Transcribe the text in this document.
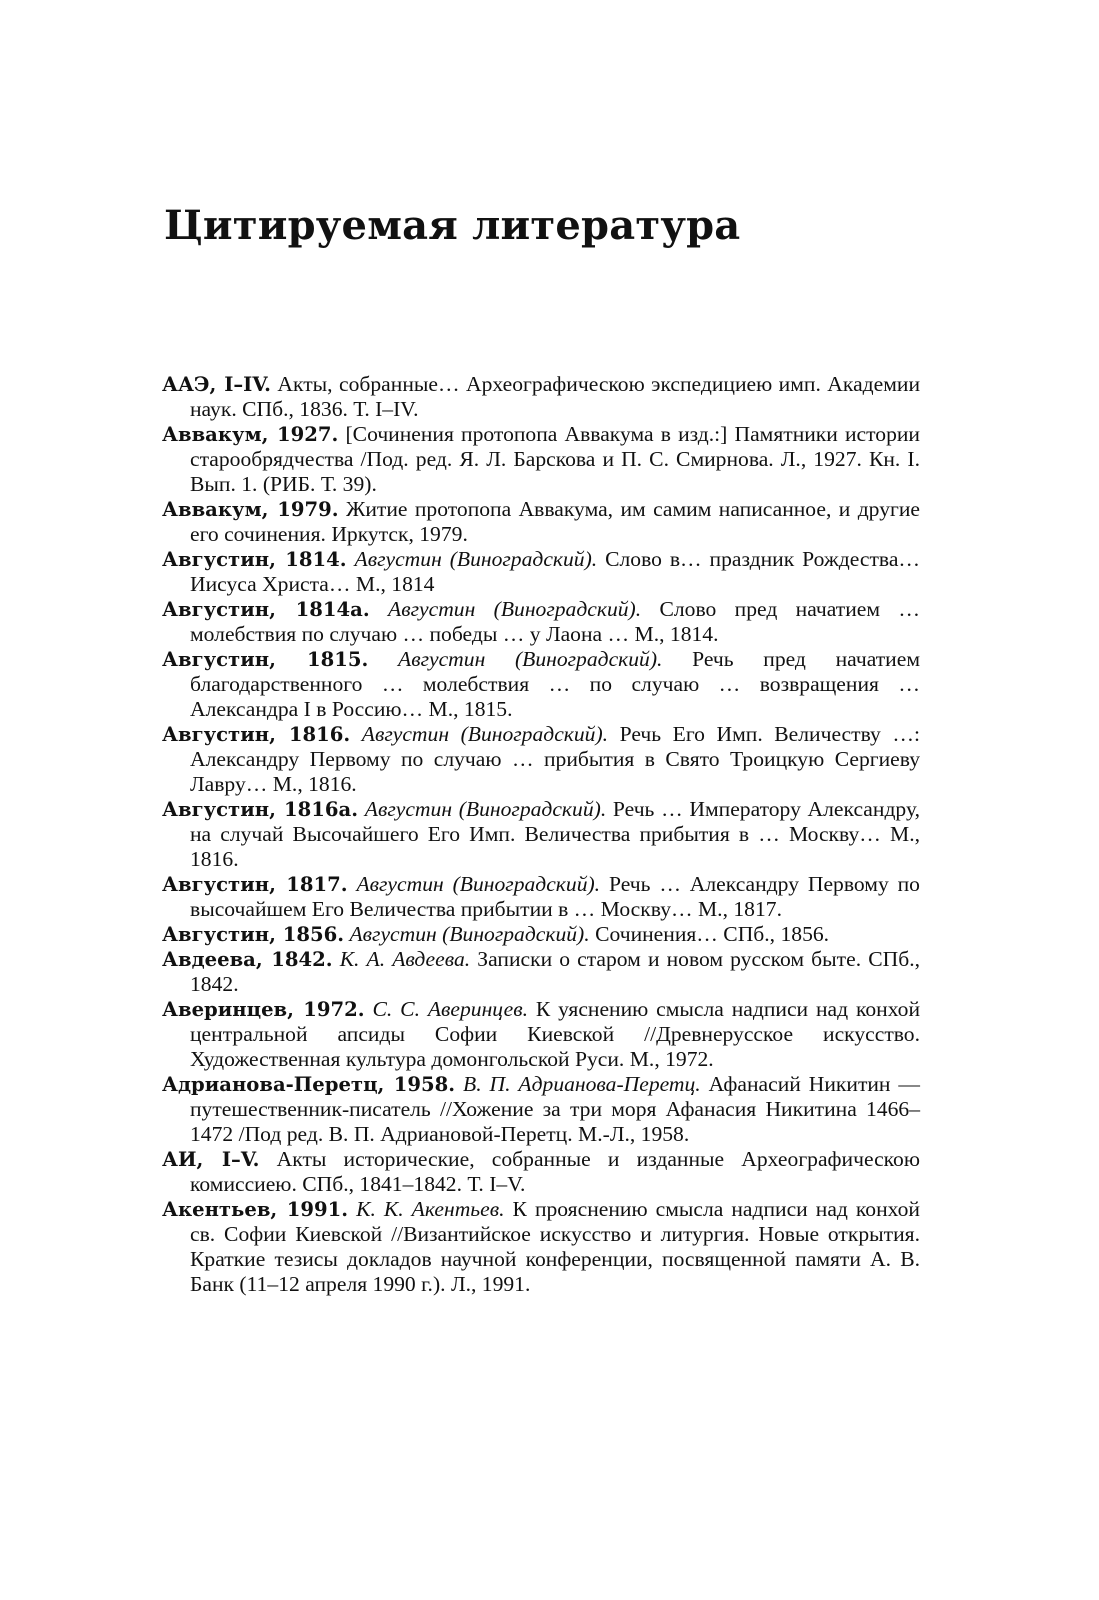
Цитируемая литература
ААЭ, I–IV. Акты, собранные… Археографическою экспедициею имп. Академии наук. СПб., 1836. Т. I–IV.
Аввакум, 1927. [Сочинения протопопа Аввакума в изд.:] Памятники истории старообрядчества /Под. ред. Я. Л. Барскова и П. С. Смирнова. Л., 1927. Кн. I. Вып. 1. (РИБ. Т. 39).
Аввакум, 1979. Житие протопопа Аввакума, им самим написанное, и другие его сочинения. Иркутск, 1979.
Августин, 1814. Августин (Виноградский). Слово в… праздник Рождества… Иисуса Христа… М., 1814
Августин, 1814а. Августин (Виноградский). Слово пред начатием … молебствия по случаю … победы … у Лаона … М., 1814.
Августин, 1815. Августин (Виноградский). Речь пред начатием благодарственного … молебствия … по случаю … возвращения … Александра I в Россию… М., 1815.
Августин, 1816. Августин (Виноградский). Речь Его Имп. Величеству …: Александру Первому по случаю … прибытия в Свято Троицкую Сергиеву Лавру… М., 1816.
Августин, 1816а. Августин (Виноградский). Речь … Императору Александру, на случай Высочайшего Его Имп. Величества прибытия в … Москву… М., 1816.
Августин, 1817. Августин (Виноградский). Речь … Александру Первому по высочайшем Его Величества прибытии в … Москву… М., 1817.
Августин, 1856. Августин (Виноградский). Сочинения… СПб., 1856.
Авдеева, 1842. К. А. Авдеева. Записки о старом и новом русском быте. СПб., 1842.
Аверинцев, 1972. С. С. Аверинцев. К уяснению смысла надписи над конхой центральной апсиды Софии Киевской //Древнерусское искусство. Художественная культура домонгольской Руси. М., 1972.
Адрианова-Перетц, 1958. В. П. Адрианова-Перетц. Афанасий Никитин — путешественник-писатель //Хожение за три моря Афанасия Никитина 1466–1472 /Под ред. В. П. Адриановой-Перетц. М.-Л., 1958.
АИ, I–V. Акты исторические, собранные и изданные Археографическою комиссиею. СПб., 1841–1842. Т. I–V.
Акентьев, 1991. К. К. Акентьев. К прояснению смысла надписи над конхой св. Софии Киевской //Византийское искусство и литургия. Новые открытия. Краткие тезисы докладов научной конференции, посвященной памяти А. В. Банк (11–12 апреля 1990 г.). Л., 1991.
